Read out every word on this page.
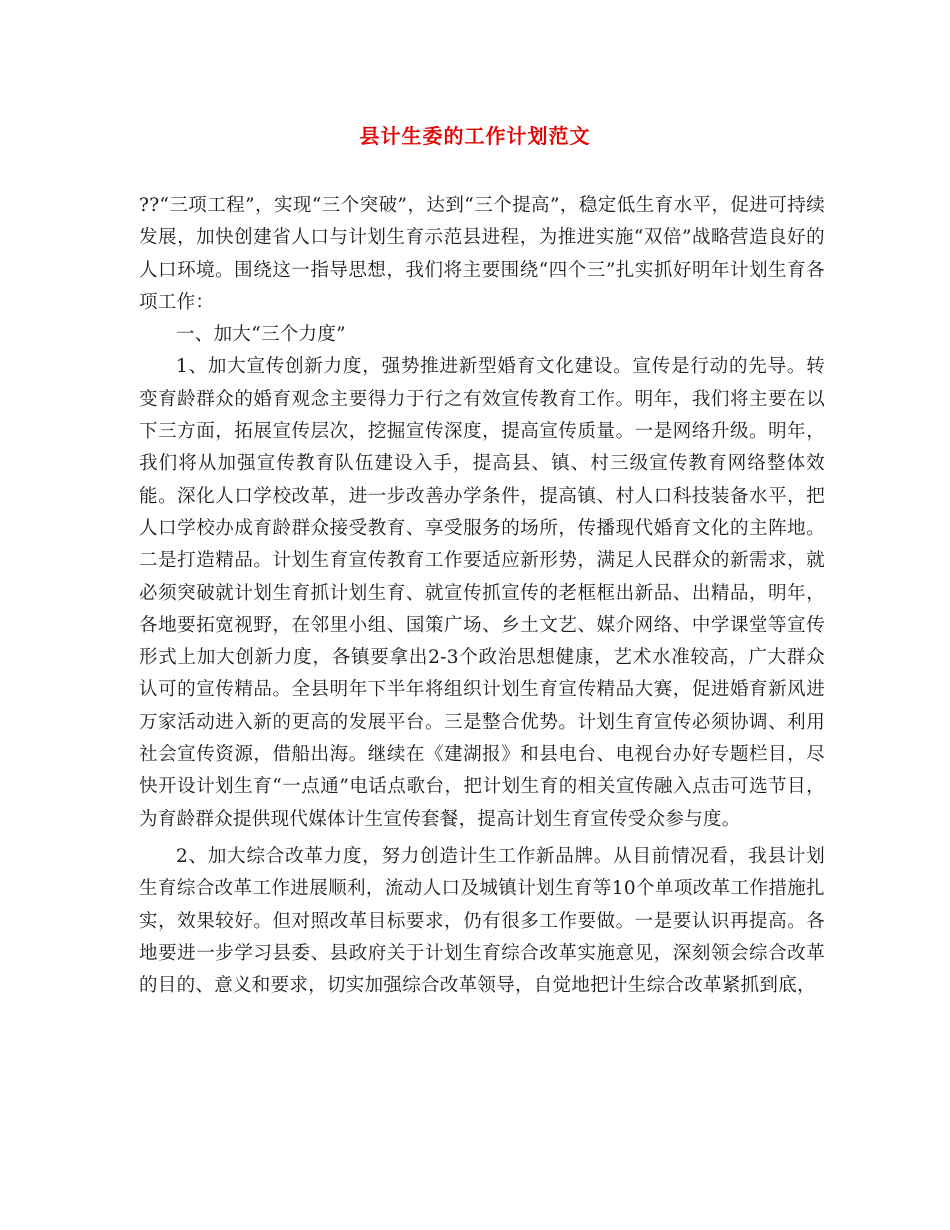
县计生委的工作计划范文

??“三项工程”，实现“三个突破”，达到“三个提高”，稳定低生育水平，促进可持续发展，加快创建省人口与计划生育示范县进程，为推进实施“双倍”战略营造良好的人口环境。围绕这一指导思想，我们将主要围绕“四个三”扎实抓好明年计划生育各项工作：

一、加大“三个力度”

1、加大宣传创新力度，强势推进新型婚育文化建设。宣传是行动的先导。转变育龄群众的婚育观念主要得力于行之有效宣传教育工作。明年，我们将主要在以下三方面，拓展宣传层次，挖掘宣传深度，提高宣传质量。一是网络升级。明年，我们将从加强宣传教育队伍建设入手，提高县、镇、村三级宣传教育网络整体效能。深化人口学校改革，进一步改善办学条件，提高镇、村人口科技装备水平，把人口学校办成育龄群众接受教育、享受服务的场所，传播现代婚育文化的主阵地。二是打造精品。计划生育宣传教育工作要适应新形势，满足人民群众的新需求，就必须突破就计划生育抓计划生育、就宣传抓宣传的老框框出新品、出精品，明年，各地要拓宽视野，在邻里小组、国策广场、乡土文艺、媒介网络、中学课堂等宣传形式上加大创新力度，各镇要拿出2-3个政治思想健康，艺术水准较高，广大群众认可的宣传精品。全县明年下半年将组织计划生育宣传精品大赛，促进婚育新风进万家活动进入新的更高的发展平台。三是整合优势。计划生育宣传必须协调、利用社会宣传资源，借船出海。继续在《建湖报》和县电台、电视台办好专题栏目，尽快开设计划生育“一点通”电话点歌台，把计划生育的相关宣传融入点击可选节目，为育龄群众提供现代媒体计生宣传套餐，提高计划生育宣传受众参与度。

2、加大综合改革力度，努力创造计生工作新品牌。从目前情况看，我县计划生育综合改革工作进展顺利，流动人口及城镇计划生育等10个单项改革工作措施扎实，效果较好。但对照改革目标要求，仍有很多工作要做。一是要认识再提高。各地要进一步学习县委、县政府关于计划生育综合改革实施意见，深刻领会综合改革的目的、意义和要求，切实加强综合改革领导，自觉地把计生综合改革紧抓到底，
